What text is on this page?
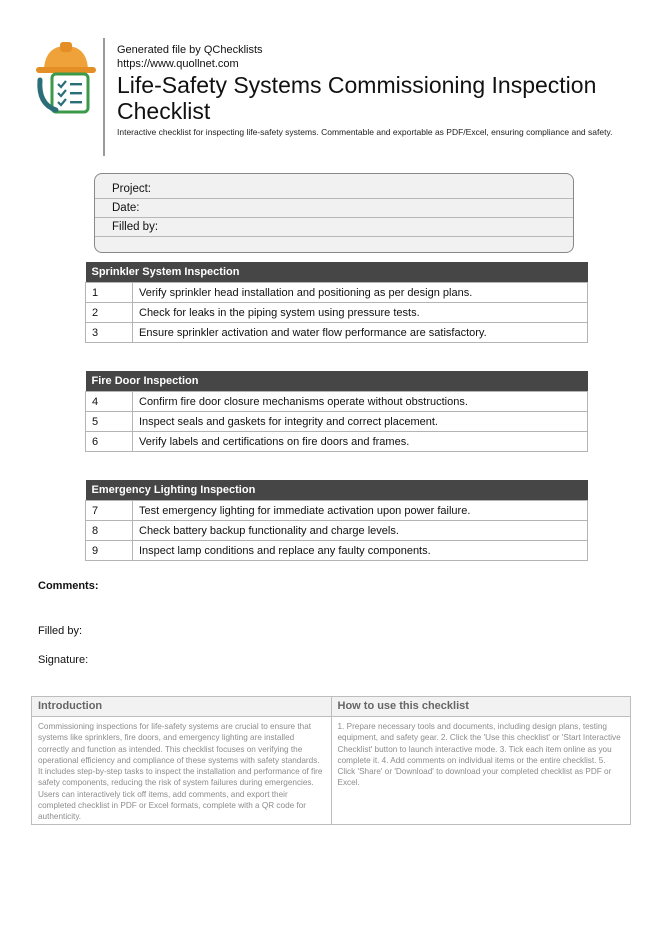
Generated file by QChecklists
https://www.quollnet.com
Life-Safety Systems Commissioning Inspection Checklist
Interactive checklist for inspecting life-safety systems. Commentable and exportable as PDF/Excel, ensuring compliance and safety.
Project:
Date:
Filled by:
Sprinkler System Inspection	
1	Verify sprinkler head installation and positioning as per design plans.
2	Check for leaks in the piping system using pressure tests.
3	Ensure sprinkler activation and water flow performance are satisfactory.
Fire Door Inspection	
4	Confirm fire door closure mechanisms operate without obstructions.
5	Inspect seals and gaskets for integrity and correct placement.
6	Verify labels and certifications on fire doors and frames.
Emergency Lighting Inspection	
7	Test emergency lighting for immediate activation upon power failure.
8	Check battery backup functionality and charge levels.
9	Inspect lamp conditions and replace any faulty components.
Comments:
Filled by:
Signature:
Introduction
Commissioning inspections for life-safety systems are crucial to ensure that systems like sprinklers, fire doors, and emergency lighting are installed correctly and function as intended. This checklist focuses on verifying the operational efficiency and compliance of these systems with safety standards. It includes step-by-step tasks to inspect the installation and performance of fire safety components, reducing the risk of system failures during emergencies. Users can interactively tick off items, add comments, and export their completed checklist in PDF or Excel formats, complete with a QR code for authenticity.
How to use this checklist
1. Prepare necessary tools and documents, including design plans, testing equipment, and safety gear. 2. Click the 'Use this checklist' or 'Start Interactive Checklist' button to launch interactive mode. 3. Tick each item online as you complete it. 4. Add comments on individual items or the entire checklist. 5. Click 'Share' or 'Download' to download your completed checklist as PDF or Excel.
